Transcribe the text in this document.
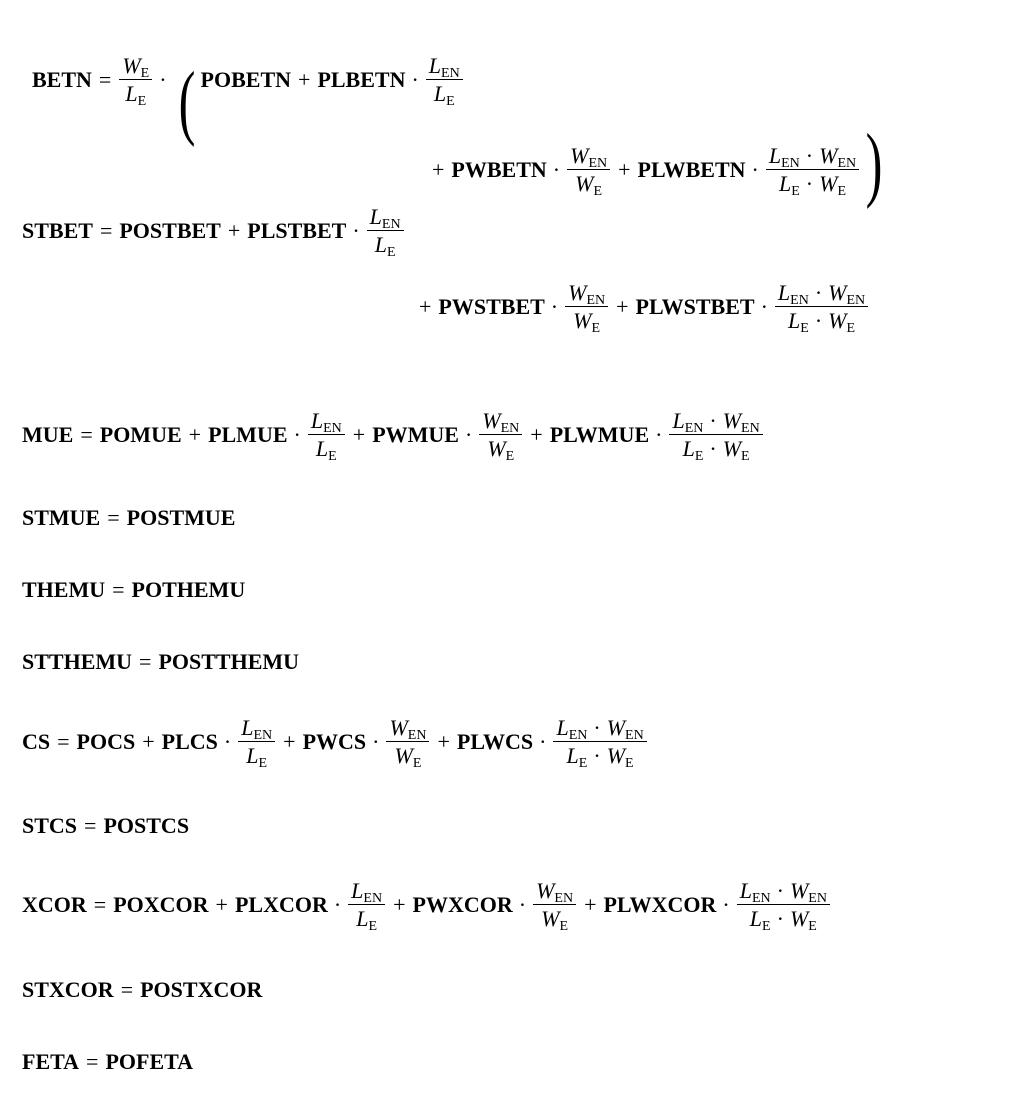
BETN = $\frac{W_E}{L_E}$ · ( POBETN + PLBETN · $\frac{L_{EN}}{L_E}$
+ PWBETN · $\frac{W_{EN}}{W_E}$ + PLWBETN · $\frac{L_{EN} \cdot W_{EN}}{L_E \cdot W_E}$ )
STBET = POSTBET + PLSTBET · $\frac{L_{EN}}{L_E}$
+ PWSTBET · $\frac{W_{EN}}{W_E}$ + PLWSTBET · $\frac{L_{EN} \cdot W_{EN}}{L_E \cdot W_E}$
MUE = POMUE + PLMUE · $\frac{L_{EN}}{L_E}$ + PWMUE · $\frac{W_{EN}}{W_E}$ + PLWMUE · $\frac{L_{EN} \cdot W_{EN}}{L_E \cdot W_E}$
STMUE = POSTMUE
THEMU = POTHEMU
STTHEMU = POSTTHEMU
CS = POCS + PLCS · $\frac{L_{EN}}{L_E}$ + PWCS · $\frac{W_{EN}}{W_E}$ + PLWCS · $\frac{L_{EN} \cdot W_{EN}}{L_E \cdot W_E}$
STCS = POSTCS
XCOR = POXCOR + PLXCOR · $\frac{L_{EN}}{L_E}$ + PWXCOR · $\frac{W_{EN}}{W_E}$ + PLWXCOR · $\frac{L_{EN} \cdot W_{EN}}{L_E \cdot W_E}$
STXCOR = POSTXCOR
FETA = POFETA
